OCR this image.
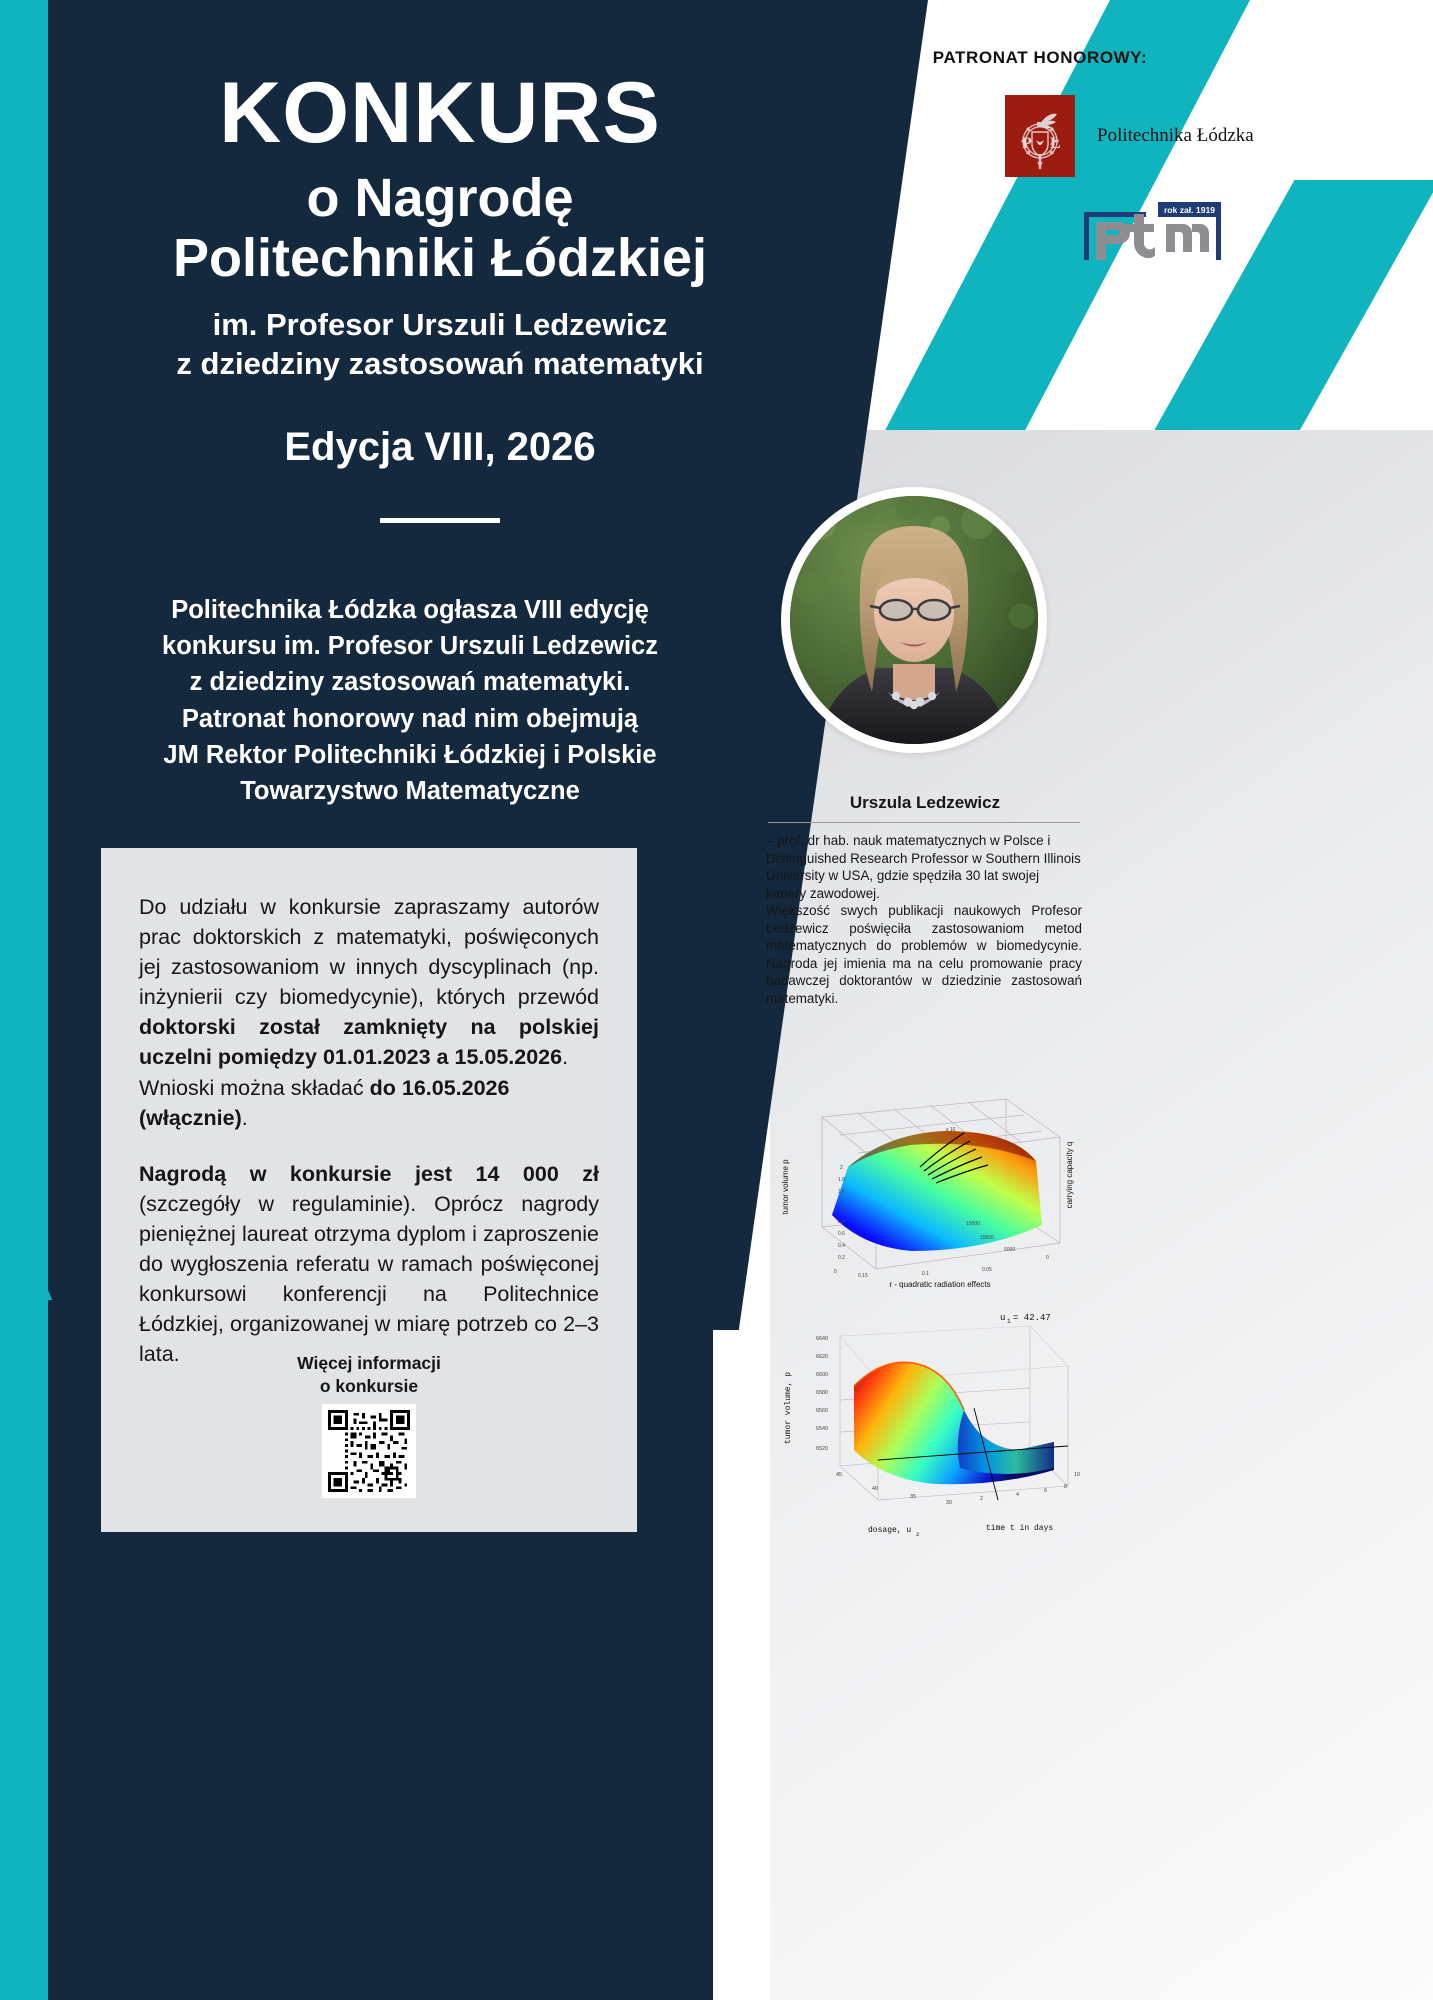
PATRONAT HONOROWY:
P Ł Politechnika Łódzka
rok zał. 1919
KONKURS
o Nagrodę
Politechniki Łódzkiej
im. Profesor Urszuli Ledzewicz
z dziedziny zastosowań matematyki
Edycja VIII, 2026
Politechnika Łódzka ogłasza VIII edycję
konkursu im. Profesor Urszuli Ledzewicz
z dziedziny zastosowań matematyki.
Patronat honorowy nad nim obejmują
JM Rektor Politechniki Łódzkiej i Polskie
Towarzystwo Matematyczne

Do udziału w konkursie zapraszamy autorów prac doktorskich z matematyki, poświęconych jej zastosowaniom w innych dyscyplinach (np. inżynierii czy biomedycynie), których przewód doktorski został zamknięty na polskiej uczelni pomiędzy 01.01.2023 a 15.05.2026.

Wnioski można składać do 16.05.2026 (włącznie).

Nagrodą w konkursie jest 14 000 zł (szczegóły w regulaminie). Oprócz nagrody pieniężnej laureat otrzyma dyplom i zaproszenie do wygłoszenia referatu w ramach poświęconej konkursowi konferencji na Politechnice Łódzkiej, organizowanej w miarę potrzeb co 2–3 lata.	Więcej informacji
o konkursie
Urszula Ledzewicz

– prof. dr hab. nauk matematycznych w Polsce i Distinguished Research Professor w Southern Illinois University w USA, gdzie spędziła 30 lat swojej kariery zawodowej.

Większość swych publikacji naukowych Profesor Ledzewicz poświęciła zastosowaniom metod matematycznych do problemów w biomedycynie. Nagroda jej imienia ma na celu promowanie pracy badawczej doktorantów w dziedzinie zastosowań matematyki.

x 10
2
1.8
1.6
1
0.8
0.6
0.4
0.2
0
0.15	0.1
0.05
0
15000
10000
5000
r - quadratic radiation effects
tumor volume p	carrying capacity q
u 1 = 42.47
6640
6620
6600
6580
6560
6540
6520
45
40
35
30
2
4
6
8
10
tumor volume, p
dosage, u 2
time t in days
